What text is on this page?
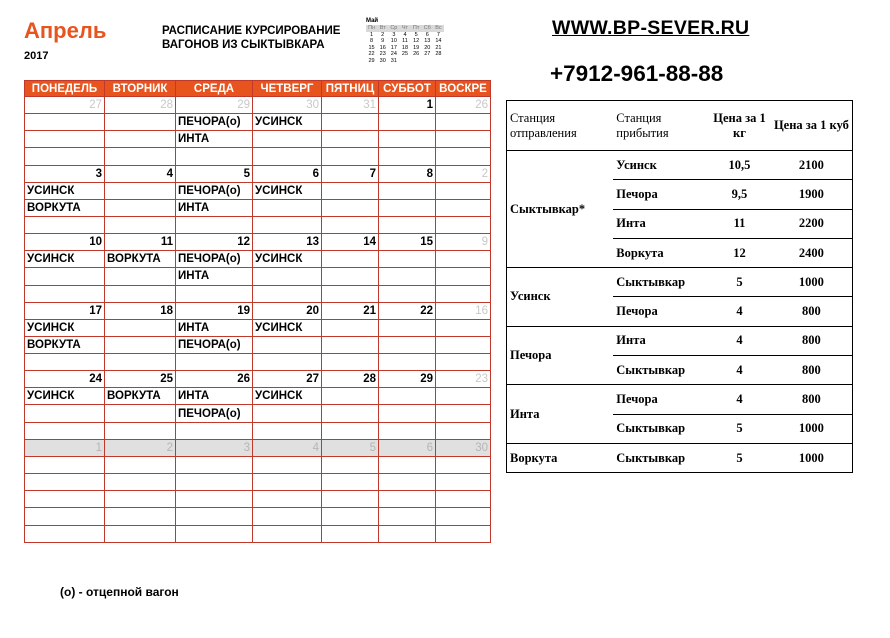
Апрель
2017
РАСПИСАНИЕ КУРСИРОВАНИЕ
ВАГОНОВ ИЗ СЫКТЫВКАРА
Май
Пн	Вт	Ср	Чт	Пт	Сб	Вс
1	2	3	4	5	6	7
8	9	10	11	12	13	14
15	16	17	18	19	20	21
22	23	24	25	26	27	28
29	30	31				
WWW.BP-SEVER.RU
+7912-961-88-88
ПОНЕДЕЛЬ	ВТОРНИК	СРЕДА	ЧЕТВЕРГ	ПЯТНИЦ	СУББОТ	ВОСКРЕ
27	28	29	30	31	1	26
		ПЕЧОРА(о)	УСИНСК			
		ИНТА				

3	4	5	6	7	8	2
УСИНСК		ПЕЧОРА(о)	УСИНСК			
ВОРКУТА		ИНТА				

10	11	12	13	14	15	9
УСИНСК	ВОРКУТА	ПЕЧОРА(о)	УСИНСК			
		ИНТА				

17	18	19	20	21	22	16
УСИНСК		ИНТА	УСИНСК			
ВОРКУТА		ПЕЧОРА(о)				

24	25	26	27	28	29	23
УСИНСК	ВОРКУТА	ИНТА	УСИНСК			
		ПЕЧОРА(о)				

1	2	3	4	5	6	30

(о) - отцепной вагон
Станция отправления	Станция прибытия	Цена за 1 кг	Цена за 1 куб
Сыктывкар*	Усинск	10,5	2100
	Печора	9,5	1900
	Инта	11	2200
	Воркута	12	2400
Усинск	Сыктывкар	5	1000
	Печора	4	800
Печора	Инта	4	800
	Сыктывкар	4	800
Инта	Печора	4	800
	Сыктывкар	5	1000
Воркута	Сыктывкар	5	1000
